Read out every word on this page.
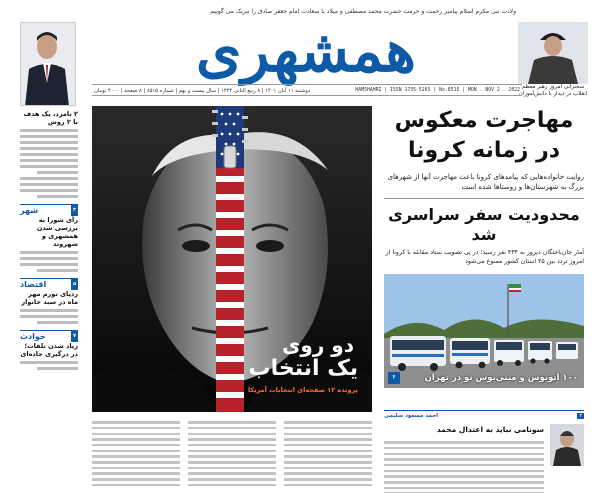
ولادت نبی مکرم اسلام پیامبر رحمت و حرمت حضرت محمد مصطفی و میلاد با سعادت امام جعفر صادق را تبریک می گوییم
همشهری
سخنرانی امروز رهبر معظم انقلاب در دیدار با دانش‌آموزان
HAMSHAHRI | ISSN 1735-5265 | No.8515 | MON . NOV 2 . 2022
دوشنبه ۱۱ آبان ۱۴۰۱ | ۸ ربیع الثانی ۱۴۴۴ | سال بیست و نهم | شماره ۸۵۱۵ | ۸ صفحه | ۴۰۰۰ تومان
۲ نامزد، یک هدف با ۲ روش
۳
شهر
رأی شورا به بررسی شدن همشهری و شهروند
۵
اقتصاد
ردپای تورم مهر ماه در سبد خانوار
۷
حوادث
زیاد شدن تلفات؛ در درگیری جاده‌ای	دو روی
یک انتخاب
پرونده ۱۲ صفحه‌ای انتخابات آمریکا
مهاجرت معکوس در زمانه کرونا
روایت خانواده‌هایی که پیامدهای کرونا باعث مهاجرت آنها از شهرهای بزرگ به شهرستان‌ها و روستاها شده است
محدودیت سفر سراسری شد
آمار جان‌باختگان دیروز به ۴۳۴ نفر رسید؛ در پی تصویب ستاد مقابله با کرونا از امروز تردد بین ۲۵ استان کشور ممنوع می‌شود
۱۰۰ اتوبوس و مینی‌بوس نو در تهران
۴
۲
احمد مسعود سلیمی
سونامی نباید به اعتدال محمد
